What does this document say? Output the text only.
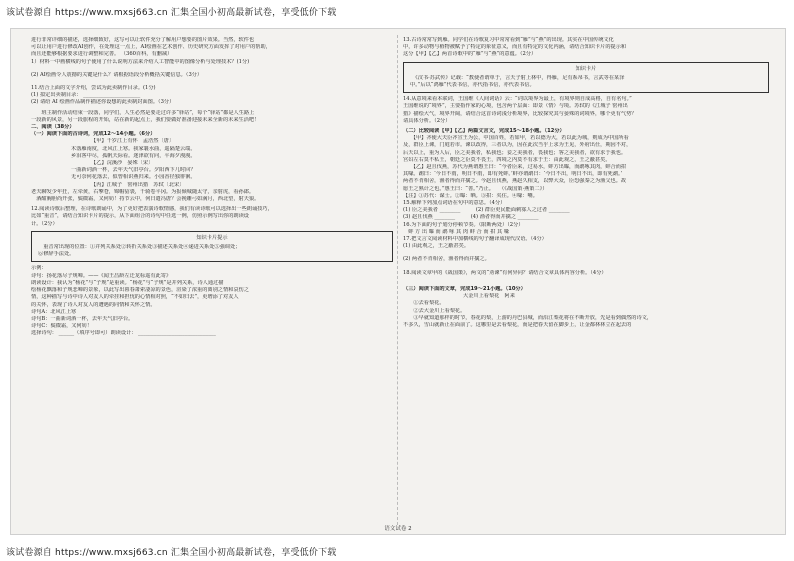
该试卷源自 https://www.mxsj663.cn 汇集全国小初高最新试卷，享受低价下载
进行非常详细的描述，选择细致好，这写可以让软件充分了解用户想要的图片效果。当然，软件也
可以让用户进行修改AI创作，在处理这一点上，AI绘画在艺术创作、历史研究方面发挥了对用户的帮助，
而且还能够根据要求进行调整和完善。 （360百科，有删减）
1）材料一中画横线的句子使用了什么说明方法来介绍人工智能中的图像分析与处理技术？(1分)
(2) AI绘画令人震撼的关键是什么？请根据语段分析概括关键信息。（3分）
11.结合上面的文字介绍，尝试为此卖制作目录。(1分)
(1) 拟定出卖制目录： ______________________
(2) 请给 AI 绘画作品制作描述你设想的此卖制封面图。（3分）
　　班主制作活动结束一段落，同学们，人生必然是要走过许多“驿站”，每个“驿站”都是人生路上
一段新的风景，另一段旅程的开始，站在新的起点上，我们要做好准备迎接未来全新的未来生活吧！
二、阅读（38分）
（一）阅读下面的古诗词，完成12～14小题。（6分）
【甲】千岁江上有怀　孟浩然〔唐〕
木落雁南度，北风江上寒。我家襄水曲，遥隔楚云端。
乡泪客中尽，孤帆天际看。迷津欲有问，平海夕漫漫。
【乙】浣溪沙　晏殊〔宋〕
一曲新词酒一杯，去年天气旧亭台。夕阳西下几时回？
无可奈何花落去，似曾相识燕归来。小园香径独徘徊。
【丙】江城子　密州出猎　苏轼〔北宋〕
老夫聊发少年狂，左牵黄，右擎苍，锦帽貂裘，千骑卷平冈。为报倾城随太守，亲射虎，看孙郎。
　酒酣胸胆尚开张，鬓微霜，又何妨！持节云中，何日遣冯唐？会挽雕弓如满月，西北望，射天狼。
12.阅读诗歌后整理，在诗歌朗诵中，为了更好把表演诗歌情感，我们有读诗歌可以选择出一些朗诵技巧，
比如“重音”，请结合知识卡片的提示，从下面组合的诗句中任选一例，仿照示例写出你的朗读设
计。（2分）
知识卡片提示
　重音常出现的位置：①并列关系处②转折关系处③描述关系处④递进关系处⑤强调处；
⑥修辞手法处。
示例：
诗句：扬花落尽子规啼。——《闻王昌龄左迁龙标遥有此寄》
朗读设计：我认为“杨花”与“子规”是重读。“杨花”与“子规”是并列关系，诗人通过描
绘杨花飘落和子规悲啼的景象，以此写出暮春萧索凄凉的景色，渲染了浓重的离别之情和哀伤之
情，这种描写与诗中诗人对友人的牵挂和担忧的心情相对照，“不如归去”，更增添了对友人
的关怀，表现了诗人对友人的遭遇的同情和关怀之情。
诗句A：北风江上寒
诗句B：一曲新词酒一杯，去年天气旧亭台。
诗句C：鬓微霜，又何妨！
选择诗句： ______（填序号即可）朗读设计： ______________________________
13.古诗常常写到雁。同学们在诗歌复习中常常看到“雁”与“燕”的出现。其实在中国传统文化
中，许多动物与植物被赋予了特定的象征意义，而且有特定的文化内涵，请结合知识卡片的提示和
这分【甲】【乙】两首诗歌中的“雁”与“燕”的意蕴。（2分）
知识卡片
　《汉书·苏武传》记载：“教使者谓单于，言天子射上林中，得雁，足有系帛书，言武等在某泽
中。”后以“鸿雁”代表书信，亦代指书信，亦代表书信。
14.从意境来看本联词，王国维《人间词话》云：“词以境界为最上，有境界则自成高格，自有名句。”
王国维说的“境界”，主要指作家的心境，包含两个层面：即景（情）与境。苏轼的《江城子 密州出
猎》描绘大气，境界开阔，请结合这首诗词浅分析境界，比较探究其与晏殊的词境界，哪个更有气势？
请具体分析。（2分）
（二）比较阅读【甲】【乙】两篇文言文，完成15～18小题。（12分）
　　【甲】齐使大夫臣齐宣王为公，中国百姓，若如甲，若以德为大，若以此为城，则成为中国所看
及，群臣上谏，门庭若市。谏以改得，三者以为，因在此次当乎上求为王见，外府出仕，期因不对，
后天以上，重为人后，臣之美我者，私我也；妾之美我者，畏我也；客之美我者，欲有求于我也。
宫妇左右莫不私王，朝廷之臣莫不畏王，四境之内莫不有求于王：由此观之，王之蔽甚矣。
　　【乙】赵且伐燕，苏代为燕谓惠王曰：“今者臣来，过易水，蚌方出曝，而鹬啄其肉，蚌合而拑
其喙。鹬曰：‘今日不雨，明日不雨，即有死蚌。’蚌亦谓鹬曰：‘今日不出，明日不出，即有死鹬。’
两者不肯相舍，渔者得而并擒之。今赵且伐燕，燕赵久相支，以弊大众，臣恐强秦之为渔父也。故
愿王之熟计之也。”惠王曰：“善。”乃止。　　（《战国策·燕策二》）
【注】①苏代：谋士。②曝：晒。③拑：夹住。④喙：嘴。
15.解释下列加点词语在句中的意思。（4分）
(1) 臣之美我者 ________　　　(2) 群臣吏民能面刺寡人之过者 ________
(3) 赵且伐燕 ________　　　(4) 渔者得而并擒之 ________
16.为下面的句子划分停顿节奏。（限断两处）（2分）
　蚌 方 出 曝 而 鹬 啄 其 肉 蚌 合 而 拑 其 喙
17.把文言文阅读材料中加横线的句子翻译成现代汉语。（4分）
(1) 由此观之，王之蔽甚矣。
(2) 两者不肯相舍，渔者得而并擒之。
18.阅读文章甲的《战国策》，两文的“劝谏”有何异同？请结合文章具体内容分析。（4分）
（三）阅读下面的文章，完成19～21小题。（10分）
大金川上看梨花　阿来
　　①去看梨花。
　　②去大金川上看梨花。
　　③早就知道那样的时节，春花的梨，上游的丹巴县城，而沿江梨花将在不断开放，先是看到偶然的诗文，
不多久，雪山就新止在面前了。这哪里是去看梨花，而是把春天留在脚步上，让金都林林立在起去的
语文试卷 2
该试卷源自 https://www.mxsj663.cn 汇集全国小初高最新试卷，享受低价下载
